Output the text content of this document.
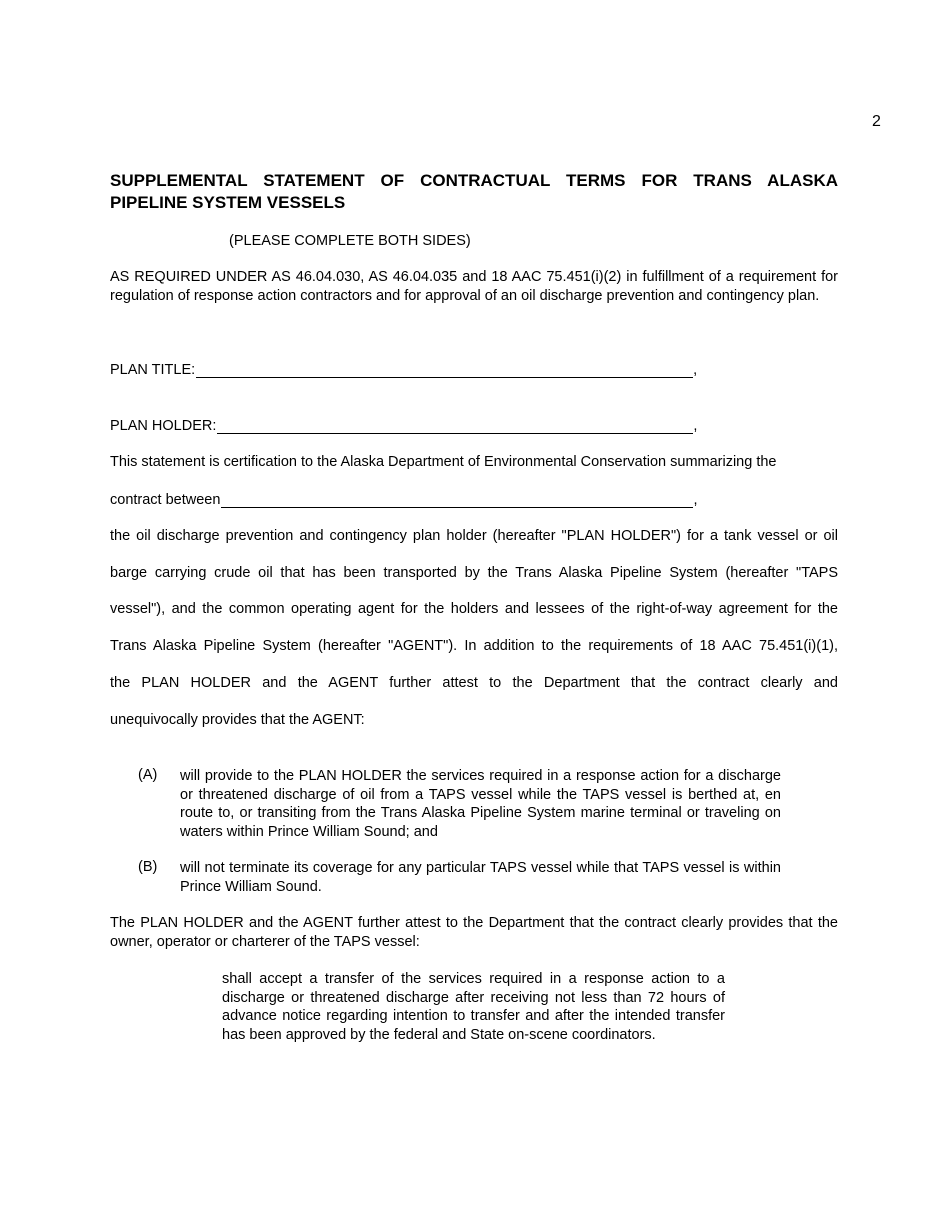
2
SUPPLEMENTAL STATEMENT OF CONTRACTUAL TERMS FOR TRANS ALASKA PIPELINE SYSTEM VESSELS
(PLEASE COMPLETE BOTH SIDES)
AS REQUIRED UNDER AS 46.04.030, AS 46.04.035 and 18 AAC 75.451(i)(2) in fulfillment of a requirement for regulation of response action contractors and for approval of an oil discharge prevention and contingency plan.
PLAN TITLE:	,
PLAN HOLDER:	,
This statement is certification to the Alaska Department of Environmental Conservation summarizing the
contract between	,
the oil discharge prevention and contingency plan holder (hereafter "PLAN HOLDER") for a tank vessel or oil
barge carrying crude oil that has been transported by the Trans Alaska Pipeline System (hereafter "TAPS
vessel"), and the common operating agent for the holders and lessees of the right-of-way agreement for the
Trans Alaska Pipeline System (hereafter "AGENT"). In addition to the requirements of 18 AAC 75.451(i)(1),
the PLAN HOLDER and the AGENT further attest to the Department that the contract clearly and
unequivocally provides that the AGENT:
(A) will provide to the PLAN HOLDER the services required in a response action for a discharge or threatened discharge of oil from a TAPS vessel while the TAPS vessel is berthed at, en route to, or transiting from the Trans Alaska Pipeline System marine terminal or traveling on waters within Prince William Sound; and
(B) will not terminate its coverage for any particular TAPS vessel while that TAPS vessel is within Prince William Sound.
The PLAN HOLDER and the AGENT further attest to the Department that the contract clearly provides that the owner, operator or charterer of the TAPS vessel:
shall accept a transfer of the services required in a response action to a discharge or threatened discharge after receiving not less than 72 hours of advance notice regarding intention to transfer and after the intended transfer has been approved by the federal and State on-scene coordinators.
